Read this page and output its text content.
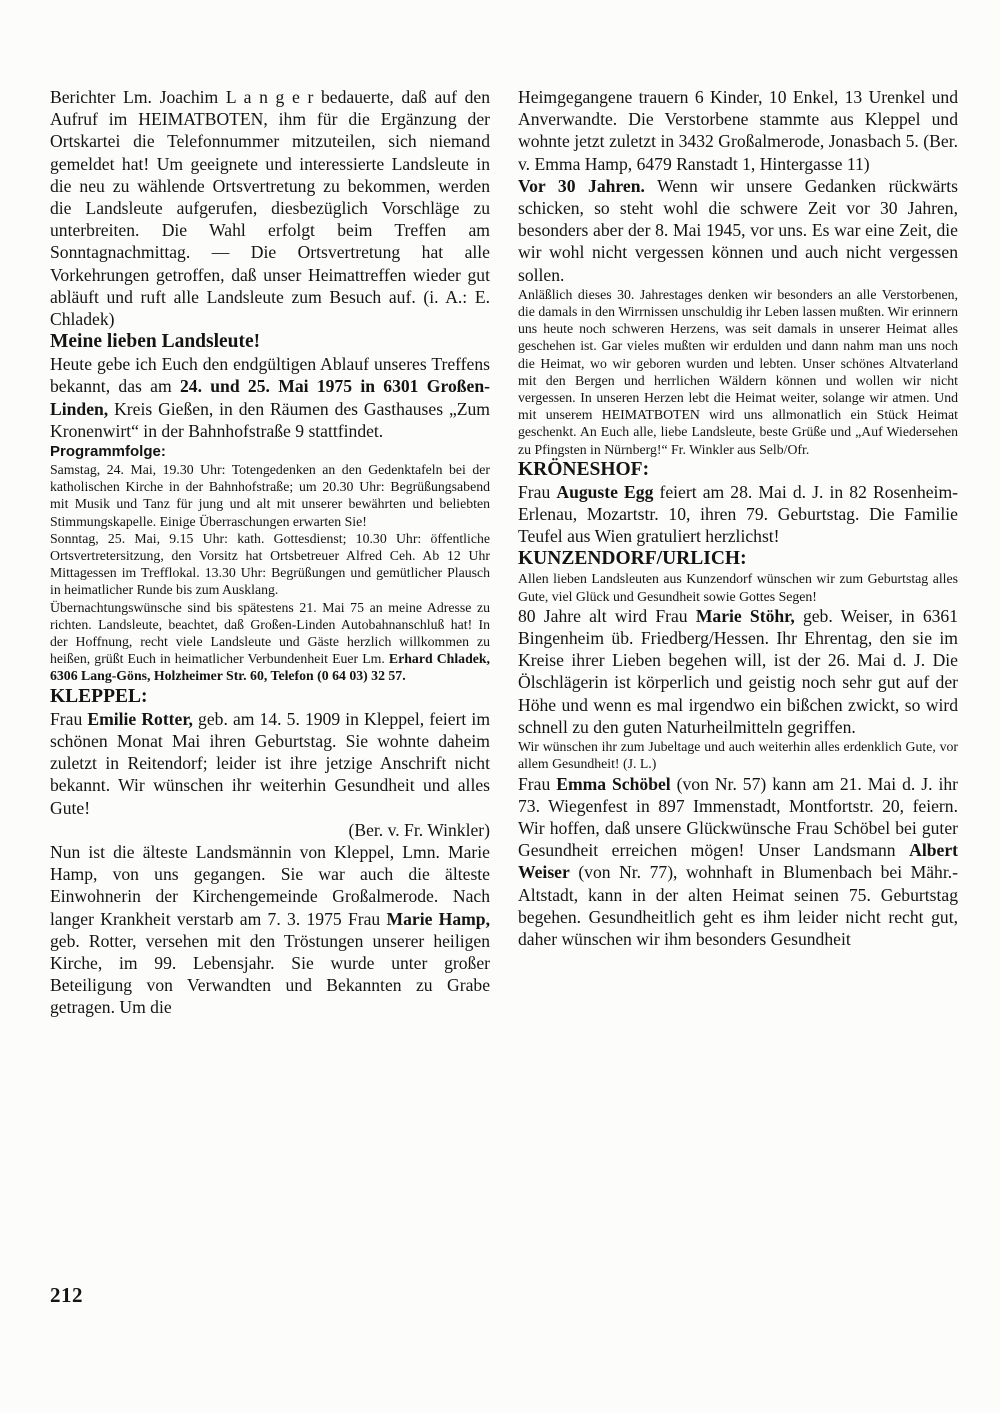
Berichter Lm. Joachim L a n g e r bedauerte, daß auf den Aufruf im HEIMATBOTEN, ihm für die Ergänzung der Ortskartei die Telefonnummer mitzuteilen, sich niemand gemeldet hat! Um geeignete und interessierte Landsleute in die neu zu wählende Ortsvertretung zu bekommen, werden die Landsleute aufgerufen, diesbezüglich Vorschläge zu unterbreiten. Die Wahl erfolgt beim Treffen am Sonntagnachmittag. — Die Ortsvertretung hat alle Vorkehrungen getroffen, daß unser Heimattreffen wieder gut abläuft und ruft alle Landsleute zum Besuch auf. (i. A.: E. Chladek)

Meine lieben Landsleute!

Heute gebe ich Euch den endgültigen Ablauf unseres Treffens bekannt, das am 24. und 25. Mai 1975 in 6301 Großen-Linden, Kreis Gießen, in den Räumen des Gasthauses „Zum Kronenwirt“ in der Bahnhofstraße 9 stattfindet.

Programmfolge:

Samstag, 24. Mai, 19.30 Uhr: Totengedenken an den Gedenktafeln bei der katholischen Kirche in der Bahnhofstraße; um 20.30 Uhr: Begrüßungsabend mit Musik und Tanz für jung und alt mit unserer bewährten und beliebten Stimmungskapelle. Einige Überraschungen erwarten Sie!

Sonntag, 25. Mai, 9.15 Uhr: kath. Gottesdienst; 10.30 Uhr: öffentliche Ortsvertretersitzung, den Vorsitz hat Ortsbetreuer Alfred Ceh. Ab 12 Uhr Mittagessen im Trefflokal. 13.30 Uhr: Begrüßungen und gemütlicher Plausch in heimatlicher Runde bis zum Ausklang.

Übernachtungswünsche sind bis spätestens 21. Mai 75 an meine Adresse zu richten. Landsleute, beachtet, daß Großen-Linden Autobahnanschluß hat! In der Hoffnung, recht viele Landsleute und Gäste herzlich willkommen zu heißen, grüßt Euch in heimatlicher Verbundenheit Euer Lm. Erhard Chladek, 6306 Lang-Göns, Holzheimer Str. 60, Telefon (0 64 03) 32 57.

KLEPPEL:

Frau Emilie Rotter, geb. am 14. 5. 1909 in Kleppel, feiert im schönen Monat Mai ihren Geburtstag. Sie wohnte daheim zuletzt in Reitendorf; leider ist ihre jetzige Anschrift nicht bekannt. Wir wünschen ihr weiterhin Gesundheit und alles Gute!

(Ber. v. Fr. Winkler)

Nun ist die älteste Landsmännin von Kleppel, Lmn. Marie Hamp, von uns gegangen. Sie war auch die älteste Einwohnerin der Kirchengemeinde Großalmerode. Nach langer Krankheit verstarb am 7. 3. 1975 Frau Marie Hamp, geb. Rotter, versehen mit den Tröstungen unserer heiligen Kirche, im 99. Lebensjahr. Sie wurde unter großer Beteiligung von Verwandten und Bekannten zu Grabe getragen. Um die

Heimgegangene trauern 6 Kinder, 10 Enkel, 13 Urenkel und Anverwandte. Die Verstorbene stammte aus Kleppel und wohnte jetzt zuletzt in 3432 Großalmerode, Jonasbach 5. (Ber. v. Emma Hamp, 6479 Ranstadt 1, Hintergasse 11)

Vor 30 Jahren. Wenn wir unsere Gedanken rückwärts schicken, so steht wohl die schwere Zeit vor 30 Jahren, besonders aber der 8. Mai 1945, vor uns. Es war eine Zeit, die wir wohl nicht vergessen können und auch nicht vergessen sollen.

Anläßlich dieses 30. Jahrestages denken wir besonders an alle Verstorbenen, die damals in den Wirrnissen unschuldig ihr Leben lassen mußten. Wir erinnern uns heute noch schweren Herzens, was seit damals in unserer Heimat alles geschehen ist. Gar vieles mußten wir erdulden und dann nahm man uns noch die Heimat, wo wir geboren wurden und lebten. Unser schönes Altvaterland mit den Bergen und herrlichen Wäldern können und wollen wir nicht vergessen. In unseren Herzen lebt die Heimat weiter, solange wir atmen. Und mit unserem HEIMATBOTEN wird uns allmonatlich ein Stück Heimat geschenkt. An Euch alle, liebe Landsleute, beste Grüße und „Auf Wiedersehen zu Pfingsten in Nürnberg!“ Fr. Winkler aus Selb/Ofr.

KRÖNESHOF:

Frau Auguste Egg feiert am 28. Mai d. J. in 82 Rosenheim-Erlenau, Mozartstr. 10, ihren 79. Geburtstag. Die Familie Teufel aus Wien gratuliert herzlichst!

KUNZENDORF/URLICH:

Allen lieben Landsleuten aus Kunzendorf wünschen wir zum Geburtstag alles Gute, viel Glück und Gesundheit sowie Gottes Segen!

80 Jahre alt wird Frau Marie Stöhr, geb. Weiser, in 6361 Bingenheim üb. Friedberg/Hessen. Ihr Ehrentag, den sie im Kreise ihrer Lieben begehen will, ist der 26. Mai d. J. Die Ölschlägerin ist körperlich und geistig noch sehr gut auf der Höhe und wenn es mal irgendwo ein bißchen zwickt, so wird schnell zu den guten Naturheilmitteln gegriffen.

Wir wünschen ihr zum Jubeltage und auch weiterhin alles erdenklich Gute, vor allem Gesundheit! (J. L.)

Frau Emma Schöbel (von Nr. 57) kann am 21. Mai d. J. ihr 73. Wiegenfest in 897 Immenstadt, Montfortstr. 20, feiern. Wir hoffen, daß unsere Glückwünsche Frau Schöbel bei guter Gesundheit erreichen mögen! Unser Landsmann Albert Weiser (von Nr. 77), wohnhaft in Blumenbach bei Mähr.-Altstadt, kann in der alten Heimat seinen 75. Geburtstag begehen. Gesundheitlich geht es ihm leider nicht recht gut, daher wünschen wir ihm besonders Gesundheit

212
